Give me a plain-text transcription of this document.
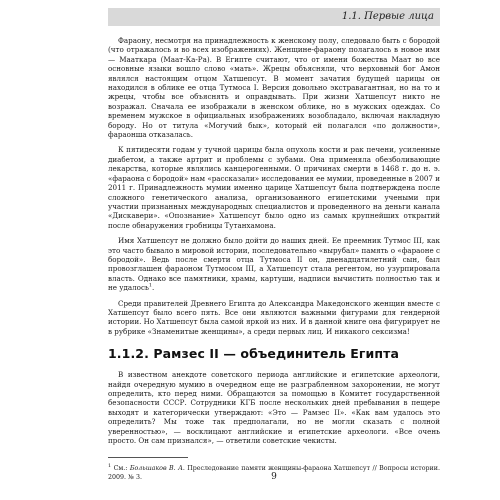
1.1. Первые лица

Фараону, несмотря на принадлежность к женскому полу, следовало быть с бородой (что отражалось и во всех изображениях). Женщине-фараону полагалось в новое имя — Мааткара (Маат-Ка-Ра). В Египте считают, что от имени божества Маат во все основные языки вошло слово «мать». Жрецы объясняли, что верховный бог Амон являлся настоящим отцом Хатшепсут. В момент зачатия будущей царицы он находился в облике ее отца Тутмоса I. Версия довольно экстравагантная, но на то и жрецы, чтобы все объяснять и оправдывать. При жизни Хатшепсут никто не возражал. Сначала ее изображали в женском облике, но в мужских одеждах. Со временем мужское в официальных изображениях возобладало, включая накладную бороду. Но от титула «Могучий бык», который ей полагался «по должности», фараонша отказалась.

К пятидесяти годам у тучной царицы была опухоль кости и рак печени, усиленные диабетом, а также артрит и проблемы с зубами. Она применяла обезболивающие лекарства, которые являлись канцерогенными. О причинах смерти в 1468 г. до н. э. «фараона с бородой» нам «рассказали» исследования ее мумии, проведенные в 2007 и 2011 г. Принадлежность мумии именно царице Хатшепсут была подтверждена после сложного генетического анализа, организованного египетскими учеными при участии признанных международных специалистов и проведенного на деньги канала «Дискавери». «Опознание» Хатшепсут было одно из самых крупнейших открытий после обнаружения гробницы Тутанхамона.

Имя Хатшепсут не должно было дойти до наших дней. Ее преемник Тутмос III, как это часто бывало в мировой истории, последовательно «вырубал» память о «фараоне с бородой». Ведь после смерти отца Тутмоса II он, двенадцатилетний сын, был провозглашен фараоном Тутмосом III, а Хатшепсут стала регентом, но узурпировала власть. Однако все памятники, храмы, картуши, надписи вычистить полностью так и не удалось$^1$.

Среди правителей Древнего Египта до Александра Македонского женщин вместе с Хатшепсут было всего пять. Все они являются важными фигурами для гендерной истории. Но Хатшепсут была самой яркой из них. И в данной книге она фигурирует не в рубрике «Знаменитые женщины», а среди первых лиц. И никакого сексизма!

1.1.2. Рамзес II — объединитель Египта

В известном анекдоте советского периода английские и египетские археологи, найдя очередную мумию в очередном еще не разграбленном захоронении, не могут определить, кто перед ними. Обращаются за помощью в Комитет государственной безопасности СССР. Сотрудники КГБ после нескольких дней пребывания в пещере выходят и категорически утверждают: «Это — Рамзес II». «Как вам удалось это определить? Мы тоже так предполагали, но не могли сказать с полной уверенностью», — восклицают английские и египетские археологи. «Все очень просто. Он сам признался», — ответили советские чекисты.

$^1$ См.: Большаков В. А. Преследование памяти женщины-фараона Хатшепсут // Вопросы истории. 2009. № 3.	9
